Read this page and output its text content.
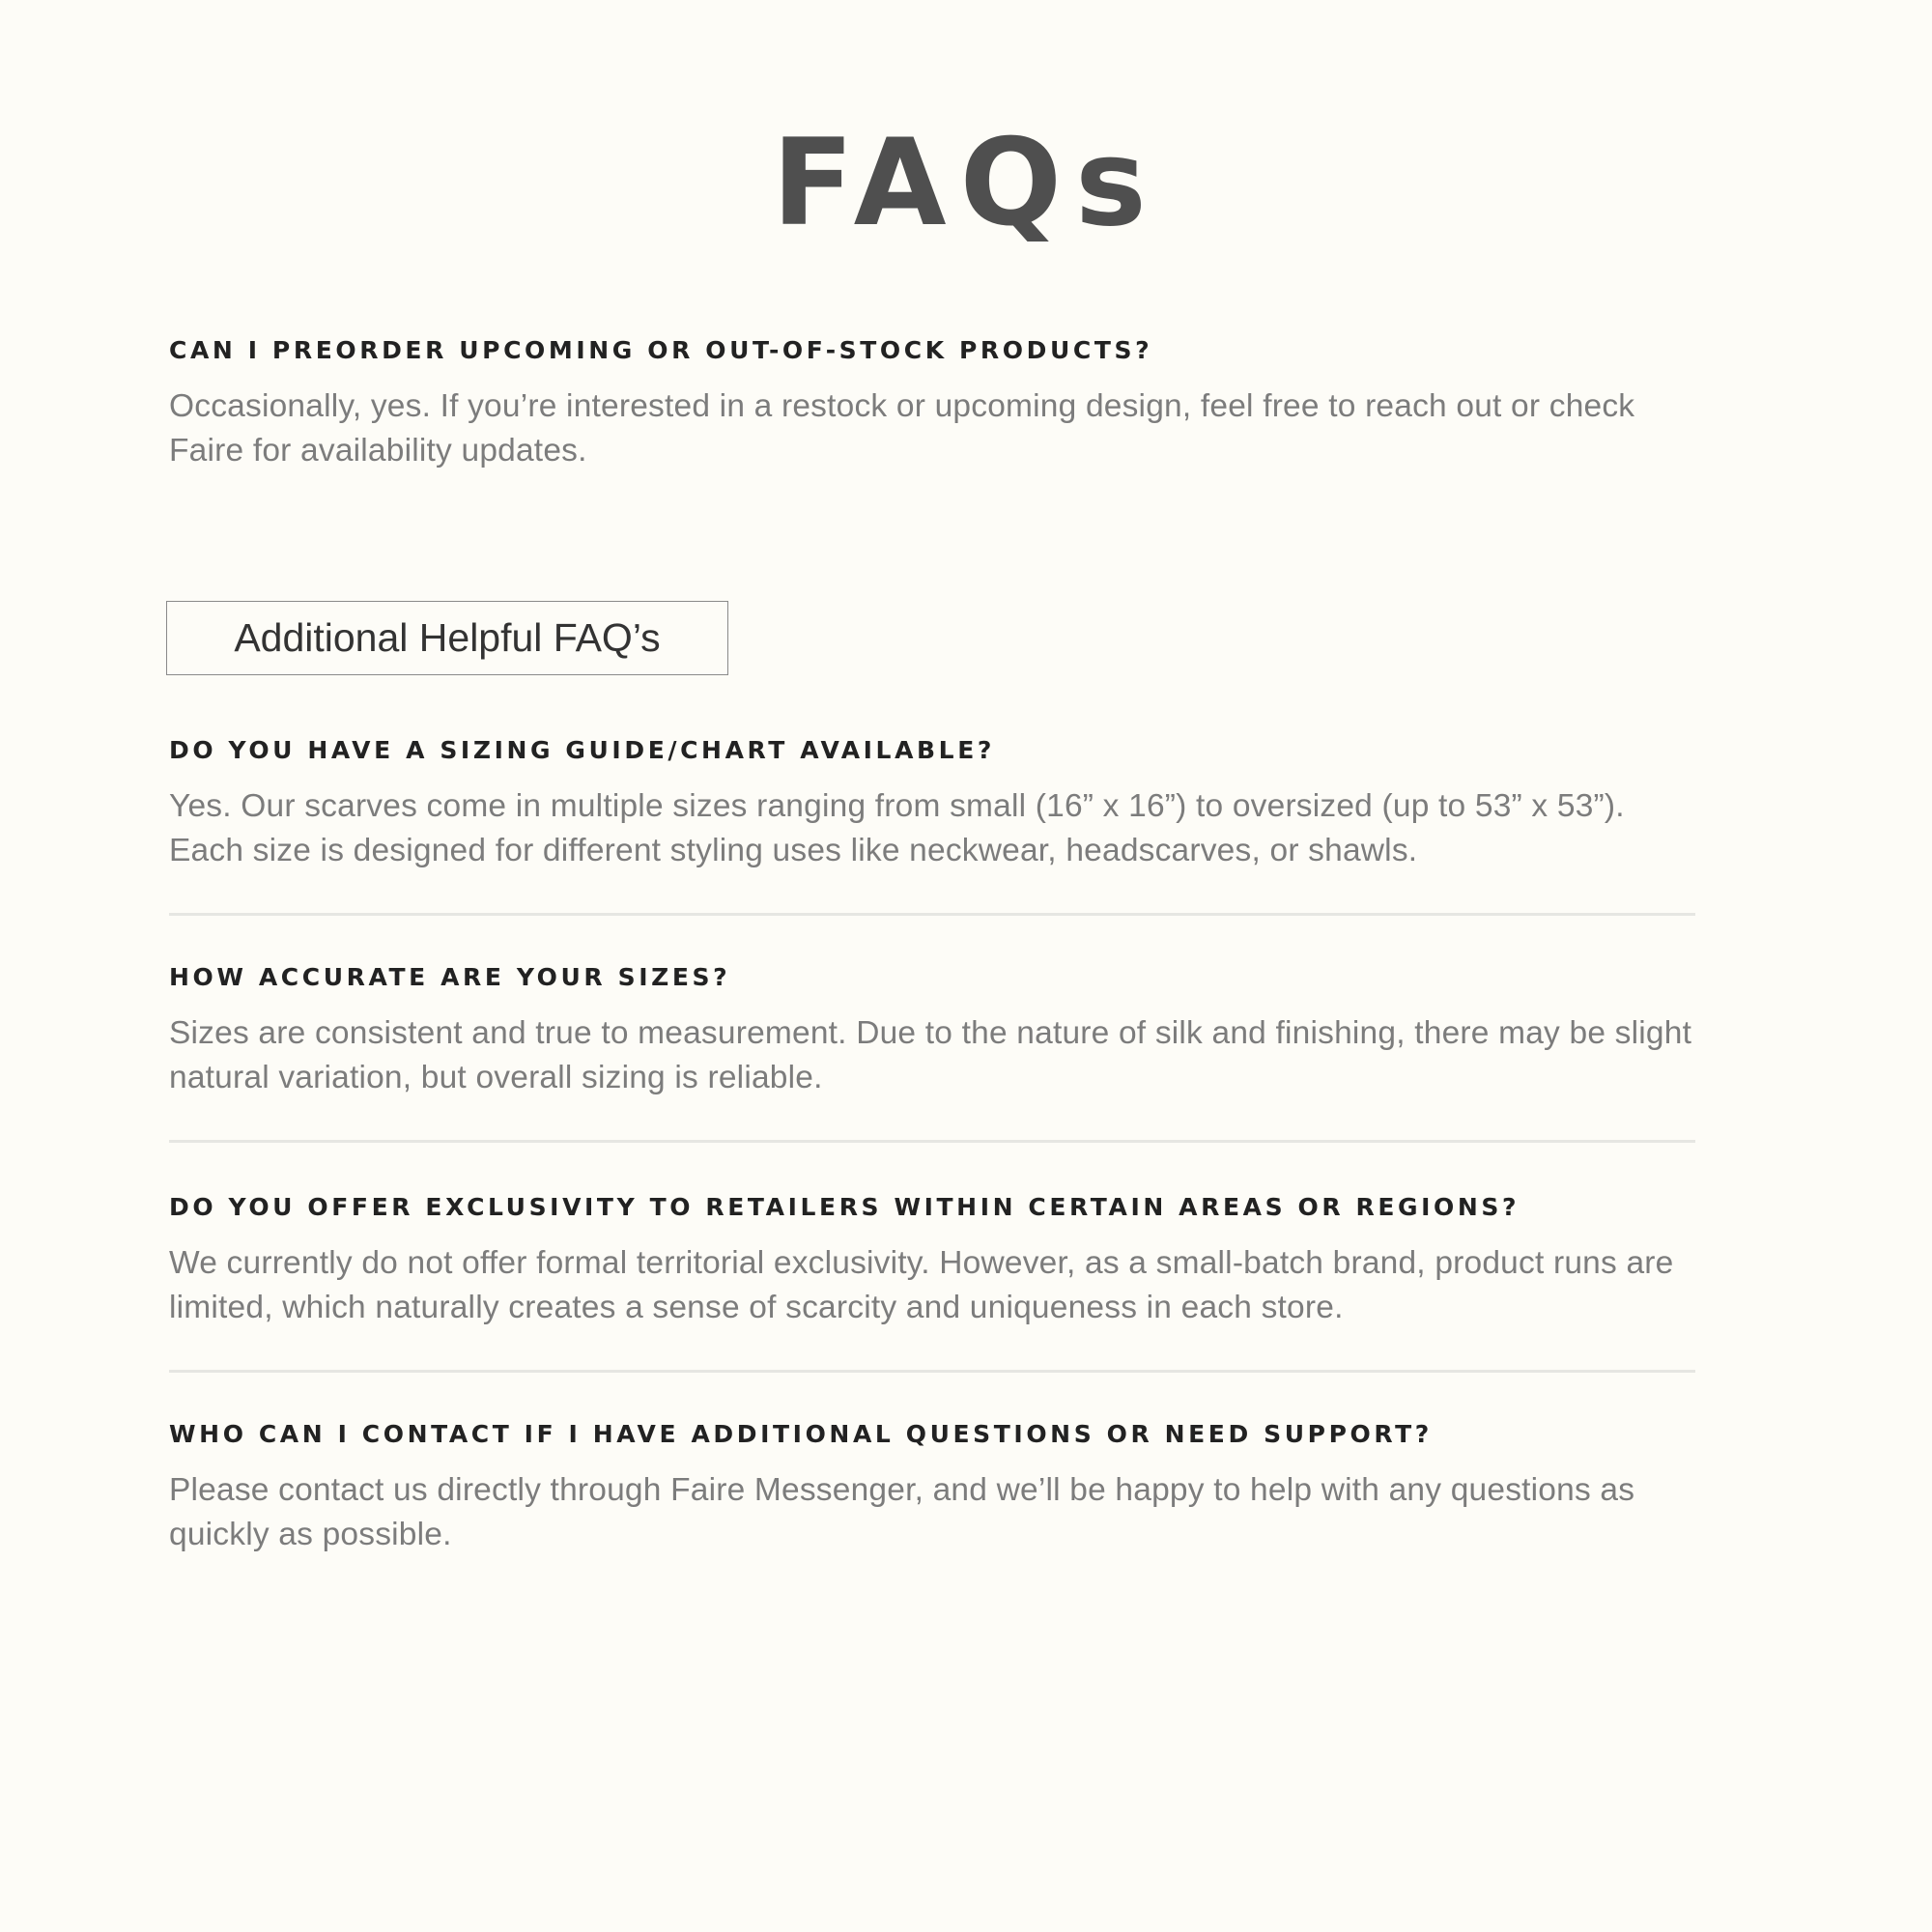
FAQs
CAN I PREORDER UPCOMING OR OUT-OF-STOCK PRODUCTS?

Occasionally, yes. If you’re interested in a restock or upcoming design, feel free to reach out or check Faire for availability updates.

Additional Helpful FAQ’s
DO YOU HAVE A SIZING GUIDE/CHART AVAILABLE?

Yes. Our scarves come in multiple sizes ranging from small (16” x 16”) to oversized (up to 53” x 53”). Each size is designed for different styling uses like neckwear, headscarves, or shawls.

HOW ACCURATE ARE YOUR SIZES?

Sizes are consistent and true to measurement. Due to the nature of silk and finishing, there may be slight natural variation, but overall sizing is reliable.

DO YOU OFFER EXCLUSIVITY TO RETAILERS WITHIN CERTAIN AREAS OR REGIONS?

We currently do not offer formal territorial exclusivity. However, as a small-batch brand, product runs are limited, which naturally creates a sense of scarcity and uniqueness in each store.

WHO CAN I CONTACT IF I HAVE ADDITIONAL QUESTIONS OR NEED SUPPORT?

Please contact us directly through Faire Messenger, and we’ll be happy to help with any questions as quickly as possible.
